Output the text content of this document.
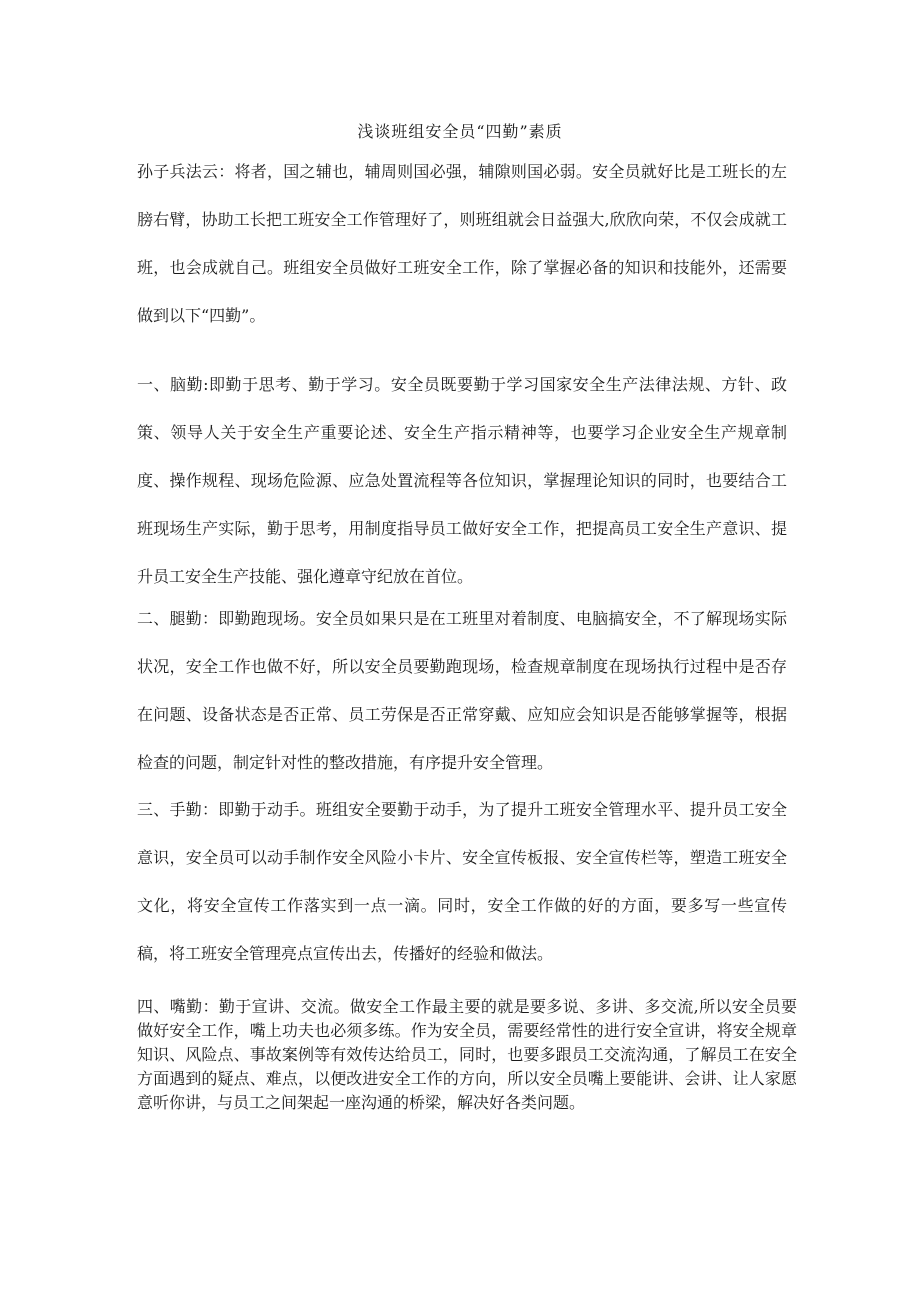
浅谈班组安全员“四勤”素质

孙子兵法云：将者，国之辅也，辅周则国必强，辅隙则国必弱。安全员就好比是工班长的左膀右臂，协助工长把工班安全工作管理好了，则班组就会日益强大,欣欣向荣，不仅会成就工班，也会成就自己。班组安全员做好工班安全工作，除了掌握必备的知识和技能外，还需要做到以下“四勤”。

一、脑勤:即勤于思考、勤于学习。安全员既要勤于学习国家安全生产法律法规、方针、政策、领导人关于安全生产重要论述、安全生产指示精神等，也要学习企业安全生产规章制度、操作规程、现场危险源、应急处置流程等各位知识，掌握理论知识的同时，也要结合工班现场生产实际，勤于思考，用制度指导员工做好安全工作，把提高员工安全生产意识、提升员工安全生产技能、强化遵章守纪放在首位。

二、腿勤：即勤跑现场。安全员如果只是在工班里对着制度、电脑搞安全，不了解现场实际状况，安全工作也做不好，所以安全员要勤跑现场，检查规章制度在现场执行过程中是否存在问题、设备状态是否正常、员工劳保是否正常穿戴、应知应会知识是否能够掌握等，根据检查的问题，制定针对性的整改措施，有序提升安全管理。

三、手勤：即勤于动手。班组安全要勤于动手，为了提升工班安全管理水平、提升员工安全意识，安全员可以动手制作安全风险小卡片、安全宣传板报、安全宣传栏等，塑造工班安全文化，将安全宣传工作落实到一点一滴。同时，安全工作做的好的方面，要多写一些宣传稿，将工班安全管理亮点宣传出去，传播好的经验和做法。

四、嘴勤：勤于宣讲、交流。做安全工作最主要的就是要多说、多讲、多交流,所以安全员要做好安全工作，嘴上功夫也必须多练。作为安全员，需要经常性的进行安全宣讲，将安全规章知识、风险点、事故案例等有效传达给员工，同时，也要多跟员工交流沟通，了解员工在安全方面遇到的疑点、难点，以便改进安全工作的方向，所以安全员嘴上要能讲、会讲、让人家愿意听你讲，与员工之间架起一座沟通的桥梁，解决好各类问题。
